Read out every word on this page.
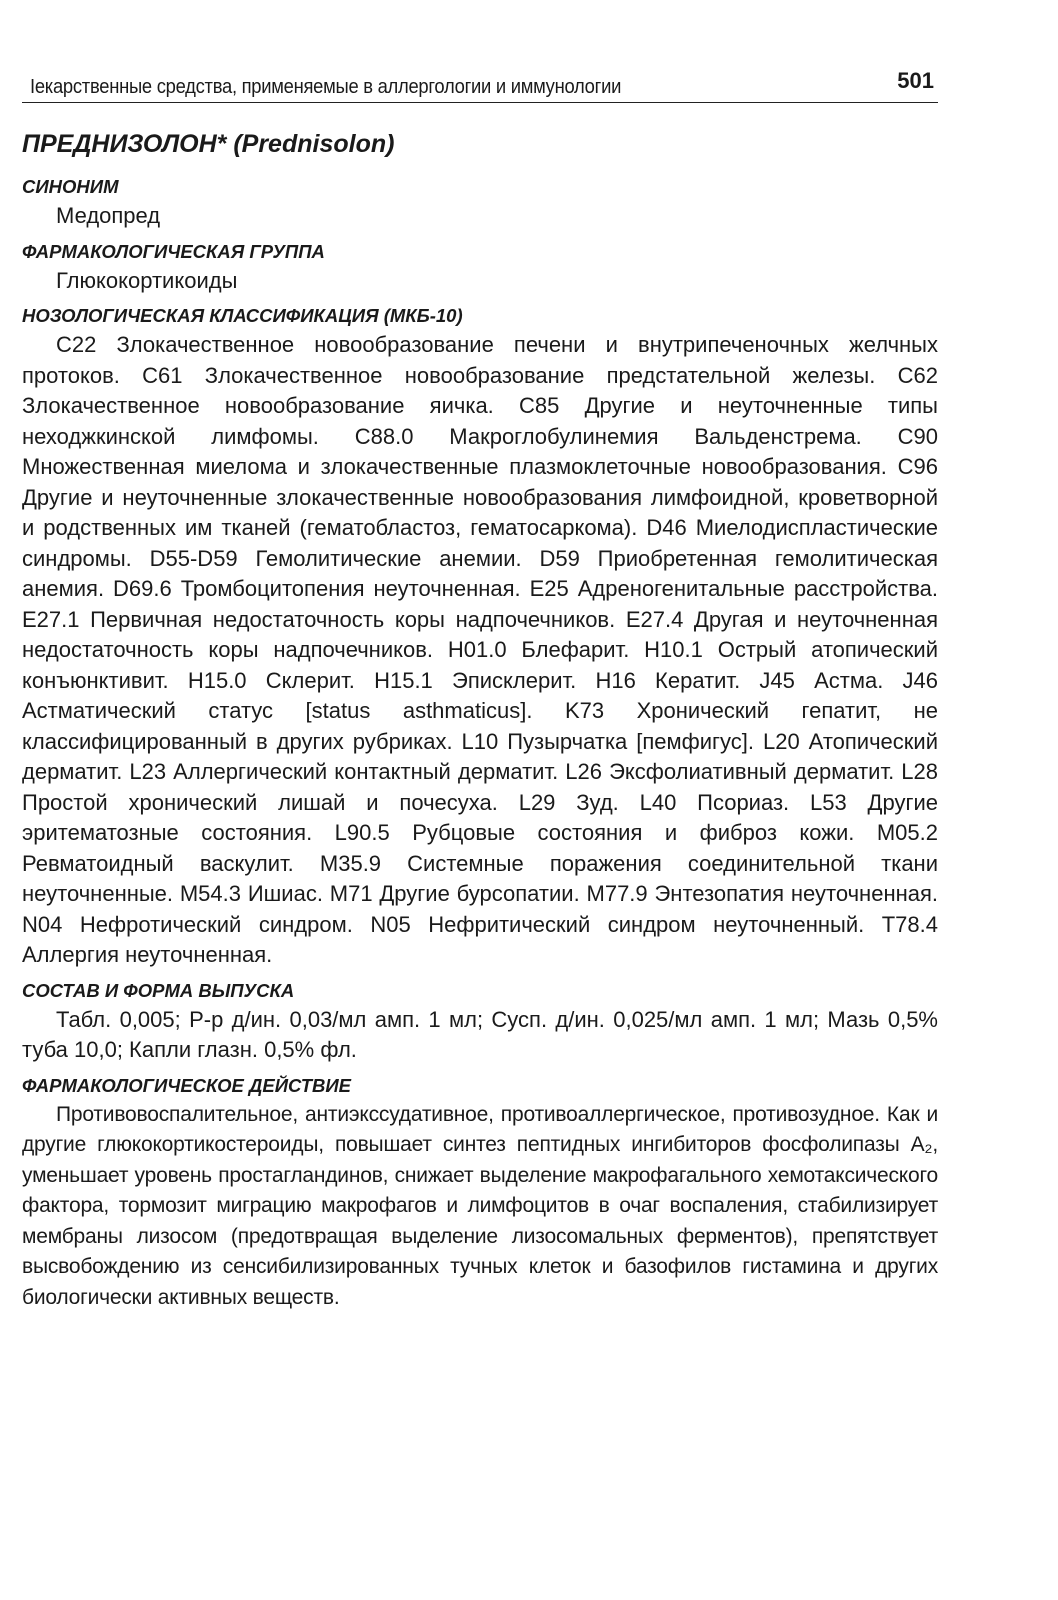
Iекарственные средства, применяемые в аллергологии и иммунологии	501
ПРЕДНИЗОЛОН* (Prednisolon)
СИНОНИМ

Медопред

ФАРМАКОЛОГИЧЕСКАЯ ГРУППА

Глюкокортикоиды

НОЗОЛОГИЧЕСКАЯ КЛАССИФИКАЦИЯ (МКБ-10)

C22 Злокачественное новообразование печени и внутрипеченочных желчных протоков. C61 Злокачественное новообразование предстательной железы. C62 Злокачественное новообразование яичка. C85 Другие и неуточненные типы неходжкинской лимфомы. C88.0 Макроглобулинемия Вальденстрема. C90 Множественная миелома и злокачественные плазмоклеточные новообразования. C96 Другие и неуточненные злокачественные новообразования лимфоидной, кроветворной и родственных им тканей (гематобластоз, гематосаркома). D46 Миелодиспластические синдромы. D55-D59 Гемолитические анемии. D59 Приобретенная гемолитическая анемия. D69.6 Тромбоцитопения неуточненная. E25 Адреногенитальные расстройства. E27.1 Первичная недостаточность коры надпочечников. E27.4 Другая и неуточненная недостаточность коры надпочечников. H01.0 Блефарит. H10.1 Острый атопический конъюнктивит. H15.0 Склерит. H15.1 Эписклерит. H16 Кератит. J45 Астма. J46 Астматический статус [status asthmaticus]. K73 Хронический гепатит, не классифицированный в других рубриках. L10 Пузырчатка [пемфигус]. L20 Атопический дерматит. L23 Аллергический контактный дерматит. L26 Эксфолиативный дерматит. L28 Простой хронический лишай и почесуха. L29 Зуд. L40 Псориаз. L53 Другие эритематозные состояния. L90.5 Рубцовые состояния и фиброз кожи. M05.2 Ревматоидный васкулит. M35.9 Системные поражения соединительной ткани неуточненные. M54.3 Ишиас. M71 Другие бурсопатии. M77.9 Энтезопатия неуточненная. N04 Нефротический синдром. N05 Нефритический синдром неуточненный. T78.4 Аллергия неуточненная.

СОСТАВ И ФОРМА ВЫПУСКА

Табл. 0,005; Р-р д/ин. 0,03/мл амп. 1 мл; Сусп. д/ин. 0,025/мл амп. 1 мл; Мазь 0,5% туба 10,0; Капли глазн. 0,5% фл.

ФАРМАКОЛОГИЧЕСКОЕ ДЕЙСТВИЕ

Противовоспалительное, антиэкссудативное, противоаллергическое, противозудное. Как и другие глюкокортикостероиды, повышает синтез пептидных ингибиторов фосфолипазы A₂, уменьшает уровень простагландинов, снижает выделение макрофагального хемотаксического фактора, тормозит миграцию макрофагов и лимфоцитов в очаг воспаления, стабилизирует мембраны лизосом (предотвращая выделение лизосомальных ферментов), препятствует высвобождению из сенсибилизированных тучных клеток и базофилов гистамина и других биологически активных веществ.
